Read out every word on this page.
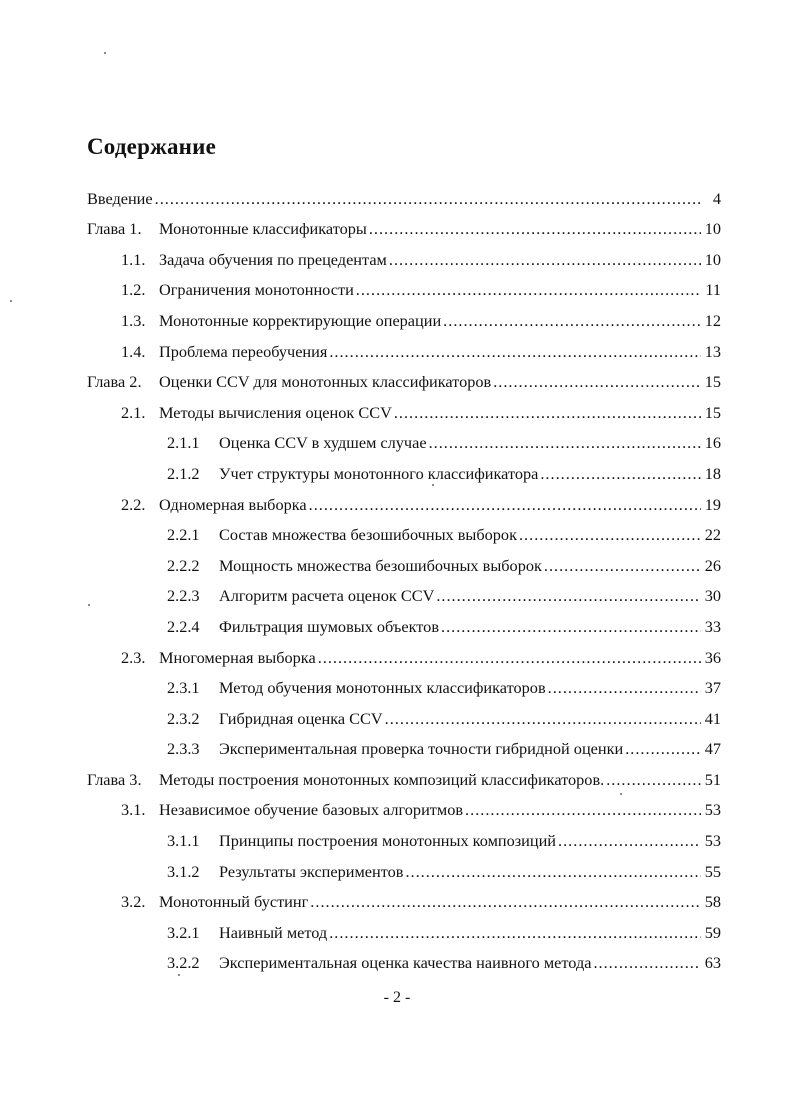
Содержание
Введение .....	4
Глава 1.	Монотонные классификаторы .....	10
1.1. Задача обучения по прецедентам .....	10
1.2. Ограничения монотонности .....	11
1.3. Монотонные корректирующие операции .....	12
1.4. Проблема переобучения .....	13
Глава 2.	Оценки CCV для монотонных классификаторов .....	15
2.1. Методы вычисления оценок CCV .....	15
2.1.1	Оценка CCV в худшем случае .....	16
2.1.2	Учет структуры монотонного классификатора .....	18
2.2. Одномерная выборка .....	19
2.2.1	Состав множества безошибочных выборок .....	22
2.2.2	Мощность множества безошибочных выборок .....	26
2.2.3	Алгоритм расчета оценок CCV .....	30
2.2.4	Фильтрация шумовых объектов .....	33
2.3. Многомерная выборка .....	36
2.3.1	Метод обучения монотонных классификаторов .....	37
2.3.2	Гибридная оценка CCV .....	41
2.3.3	Экспериментальная проверка точности гибридной оценки .....	47
Глава 3.	Методы построения монотонных композиций классификаторов. .....	51
3.1. Независимое обучение базовых алгоритмов .....	53
3.1.1	Принципы построения монотонных композиций .....	53
3.1.2	Результаты экспериментов .....	55
3.2. Монотонный бустинг .....	58
3.2.1	Наивный метод .....	59
3.2.2	Экспериментальная оценка качества наивного метода .....	63
- 2 -
